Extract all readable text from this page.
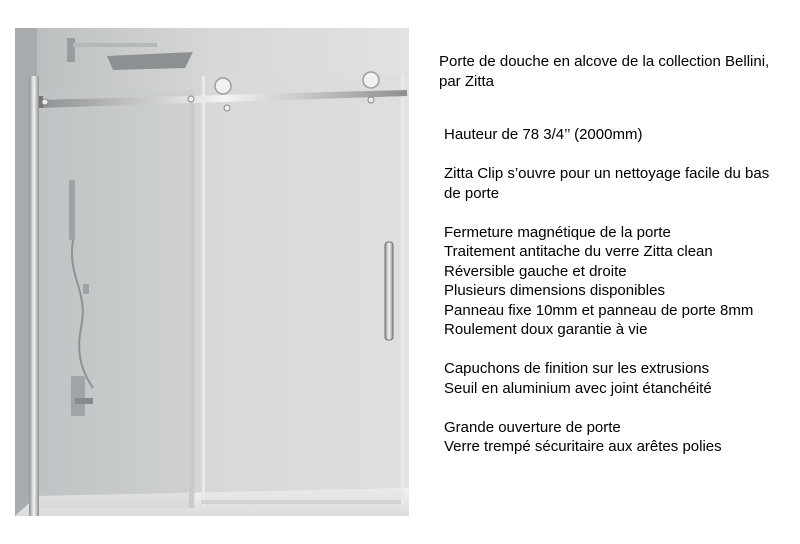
Porte de douche en alcove de la collection Bellini, par Zitta
Hauteur de 78 3/4’’ (2000mm)
Zitta Clip s’ouvre pour un nettoyage facile du bas de porte
Fermeture magnétique de la porte
Traitement antitache du verre Zitta clean
Réversible gauche et droite
Plusieurs dimensions disponibles
Panneau fixe 10mm et panneau de porte 8mm
Roulement doux garantie à vie
Capuchons de finition sur les extrusions
Seuil en aluminium avec joint étanchéité
Grande ouverture de porte
Verre trempé sécuritaire aux arêtes polies
